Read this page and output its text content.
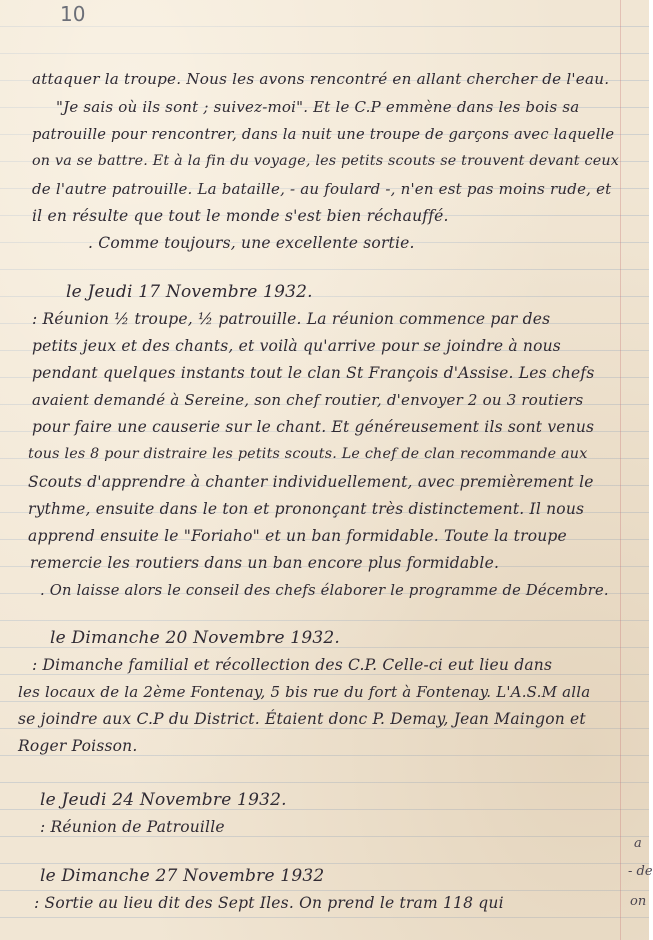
10
attaquer la troupe. Nous les avons rencontré en allant chercher de l'eau.
"Je sais où ils sont ; suivez-moi". Et le C.P emmène dans les bois sa
patrouille pour rencontrer, dans la nuit une troupe de garçons avec laquelle
on va se battre. Et à la fin du voyage, les petits scouts se trouvent devant ceux
de l'autre patrouille. La bataille, - au foulard -, n'en est pas moins rude, et
il en résulte que tout le monde s'est bien réchauffé.
. Comme toujours, une excellente sortie.
le Jeudi 17 Novembre 1932.
: Réunion ½ troupe, ½ patrouille. La réunion commence par des
petits jeux et des chants, et voilà qu'arrive pour se joindre à nous
pendant quelques instants tout le clan St François d'Assise. Les chefs
avaient demandé à Sereine, son chef routier, d'envoyer 2 ou 3 routiers
pour faire une causerie sur le chant. Et généreusement ils sont venus
tous les 8 pour distraire les petits scouts. Le chef de clan recommande aux
Scouts d'apprendre à chanter individuellement, avec premièrement le
rythme, ensuite dans le ton et prononçant très distinctement. Il nous
apprend ensuite le "Foriaho" et un ban formidable. Toute la troupe
remercie les routiers dans un ban encore plus formidable.
. On laisse alors le conseil des chefs élaborer le programme de Décembre.
le Dimanche 20 Novembre 1932.
: Dimanche familial et récollection des C.P. Celle-ci eut lieu dans
les locaux de la 2ème Fontenay, 5 bis rue du fort à Fontenay. L'A.S.M alla
se joindre aux C.P du District. Étaient donc P. Demay, Jean Maingon et
Roger Poisson.
le Jeudi 24 Novembre 1932.
: Réunion de Patrouille
le Dimanche 27 Novembre 1932
: Sortie au lieu dit des Sept Iles. On prend le tram 118 qui
a
- de
on
